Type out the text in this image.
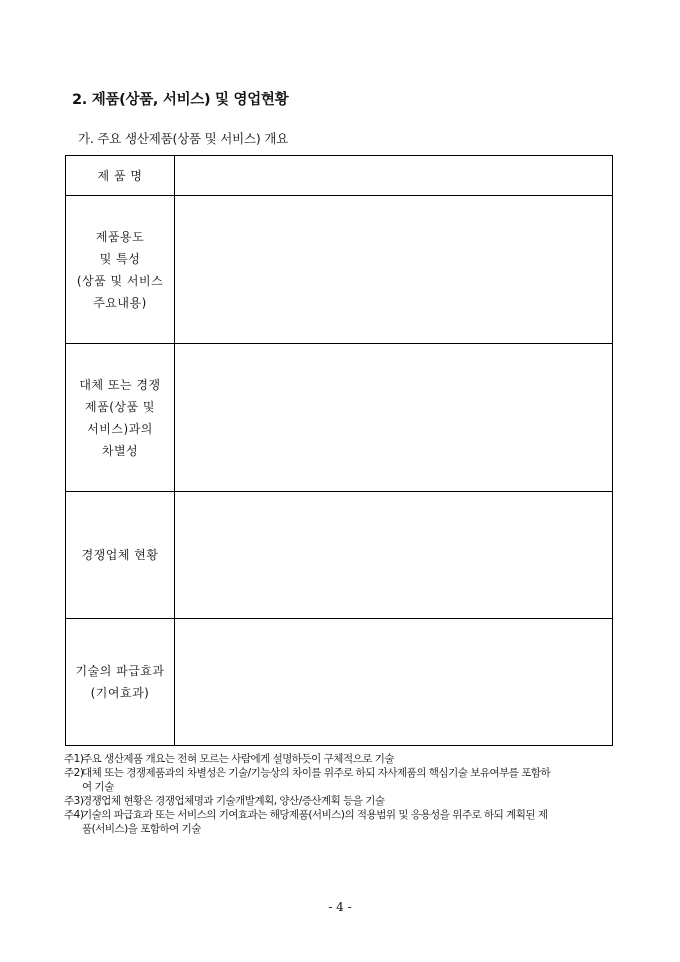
2. 제품(상품, 서비스) 및 영업현황
가. 주요 생산제품(상품 및 서비스) 개요
제 품 명	

제품용도
및 특성
(상품 및 서비스
주요내용)	

대체 또는 경쟁
제품(상품 및
서비스)과의
차별성	

경쟁업체 현황	

기술의 파급효과
(기여효과)	

주1)
주요 생산제품 개요는 전혀 모르는 사람에게 설명하듯이 구체적으로 기술
주2)
대체 또는 경쟁제품과의 차별성은 기술/기능상의 차이를 위주로 하되 자사제품의 핵심기술 보유여부를 포함하
여 기술
주3)
경쟁업체 현황은 경쟁업체명과 기술개발계획, 양산/증산계획 등을 기술
주4)
기술의 파급효과 또는 서비스의 기여효과는 해당제품(서비스)의 적용범위 및 응용성을 위주로 하되 계획된 제
품(서비스)을 포함하여 기술
- 4 -
